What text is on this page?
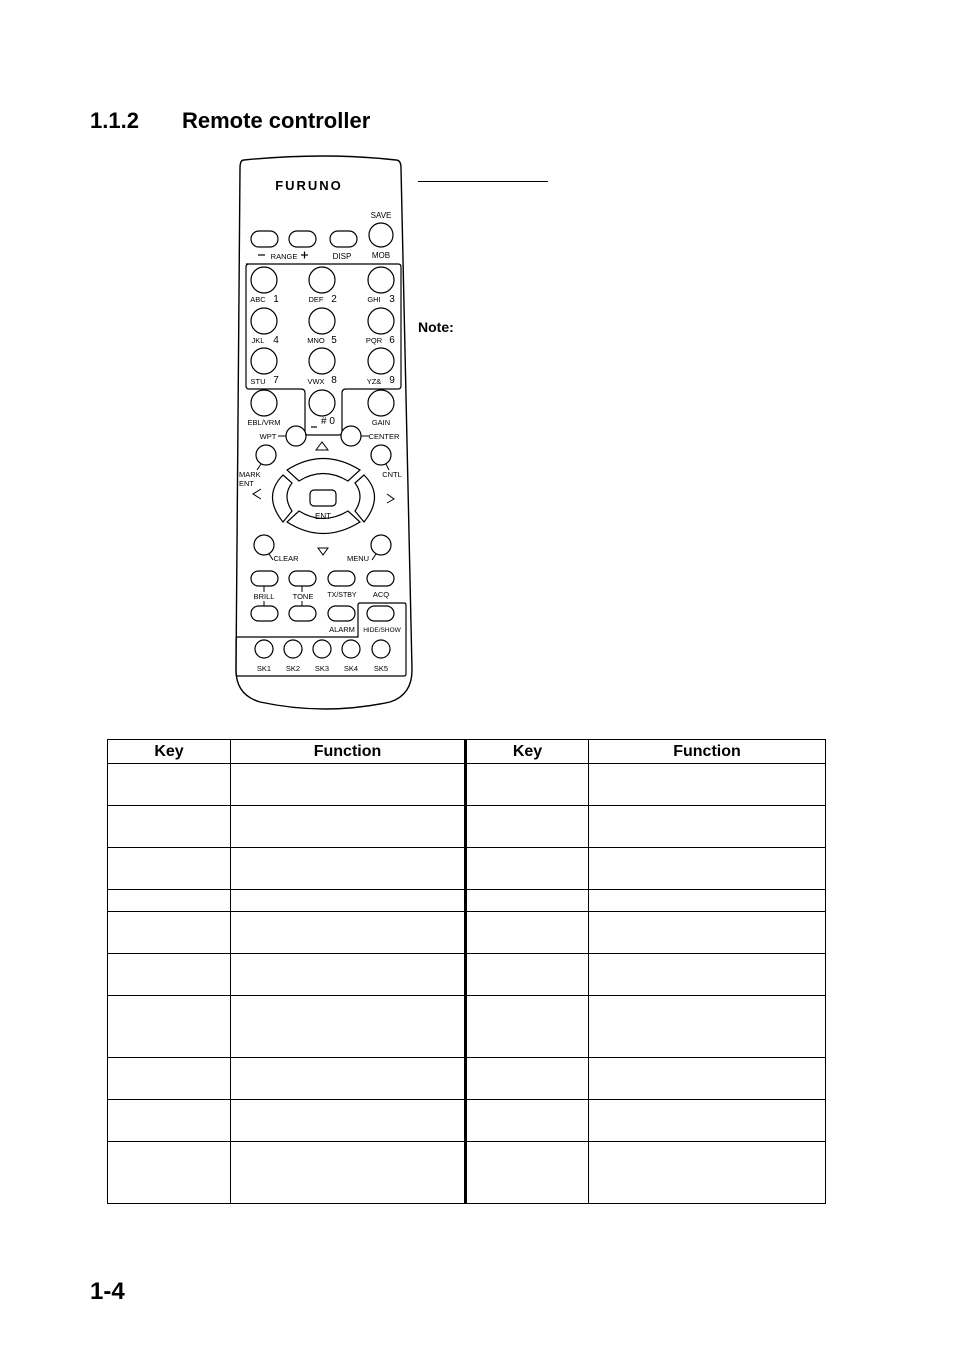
1.1.2 Remote controller
FURUNO
SAVE
RANGE	DISP	MOB
ABC 1	DEF 2	GHI 3
JKL 4	MNO 5	PQR 6
STU 7	VWX 8	YZ& 9
EBL/VRM	# 0	GAIN
WPT	CENTER
MARK
ENT
CNTL
ENT
CLEAR	MENU
BRILL TONE TX/STBY ACQ
ALARM HIDE/SHOW
SK1 SK2 SK3 SK4 SK5
Note:
Key	Function	Key	Function

1-4
